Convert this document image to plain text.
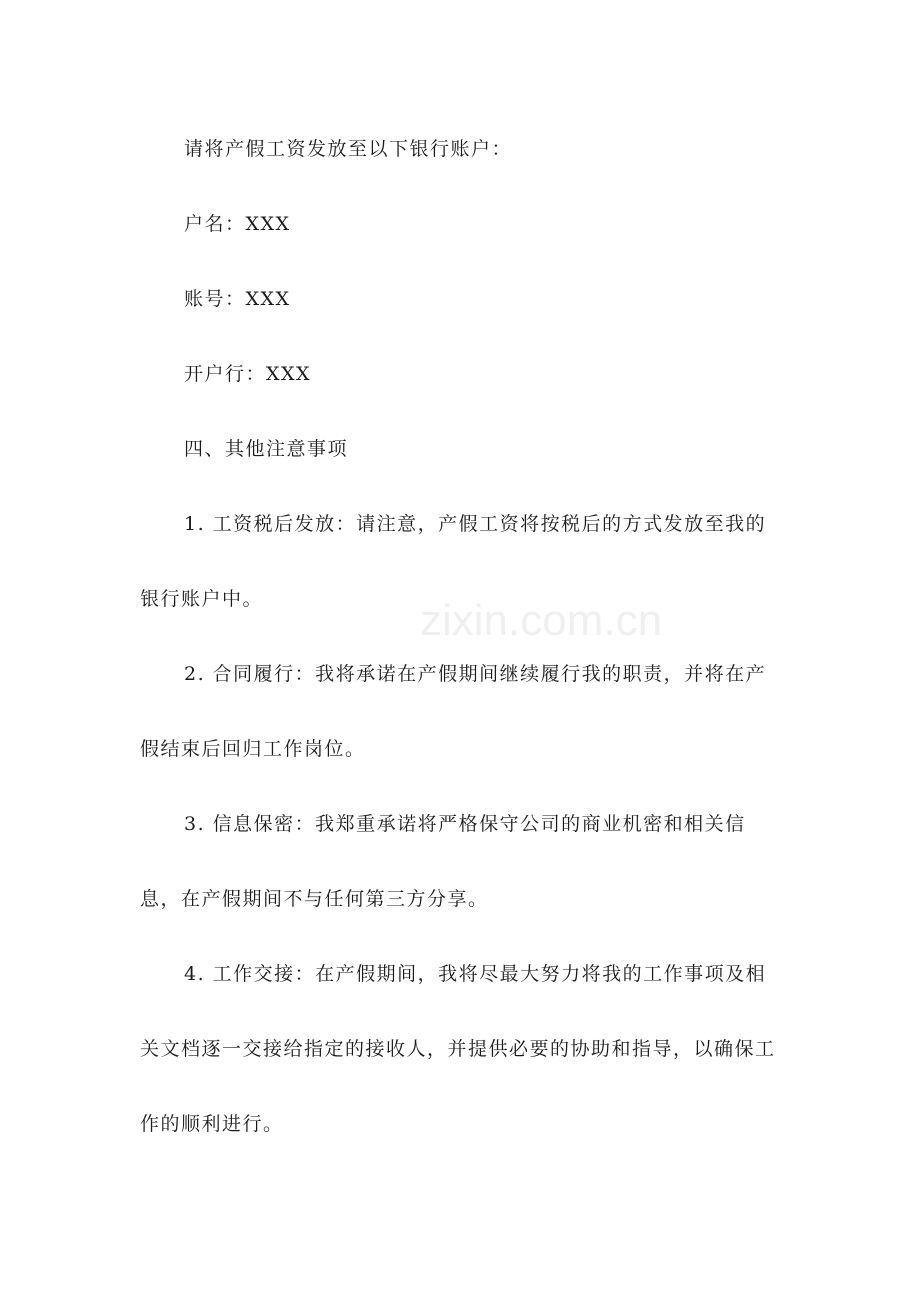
zixin.com.cn

请将产假工资发放至以下银行账户：

户名：XXX

账号：XXX

开户行：XXX

四、其他注意事项

1. 工资税后发放：请注意，产假工资将按税后的方式发放至我的银行账户中。

2. 合同履行：我将承诺在产假期间继续履行我的职责，并将在产假结束后回归工作岗位。

3. 信息保密：我郑重承诺将严格保守公司的商业机密和相关信息，在产假期间不与任何第三方分享。

4. 工作交接：在产假期间，我将尽最大努力将我的工作事项及相关文档逐一交接给指定的接收人，并提供必要的协助和指导，以确保工作的顺利进行。
